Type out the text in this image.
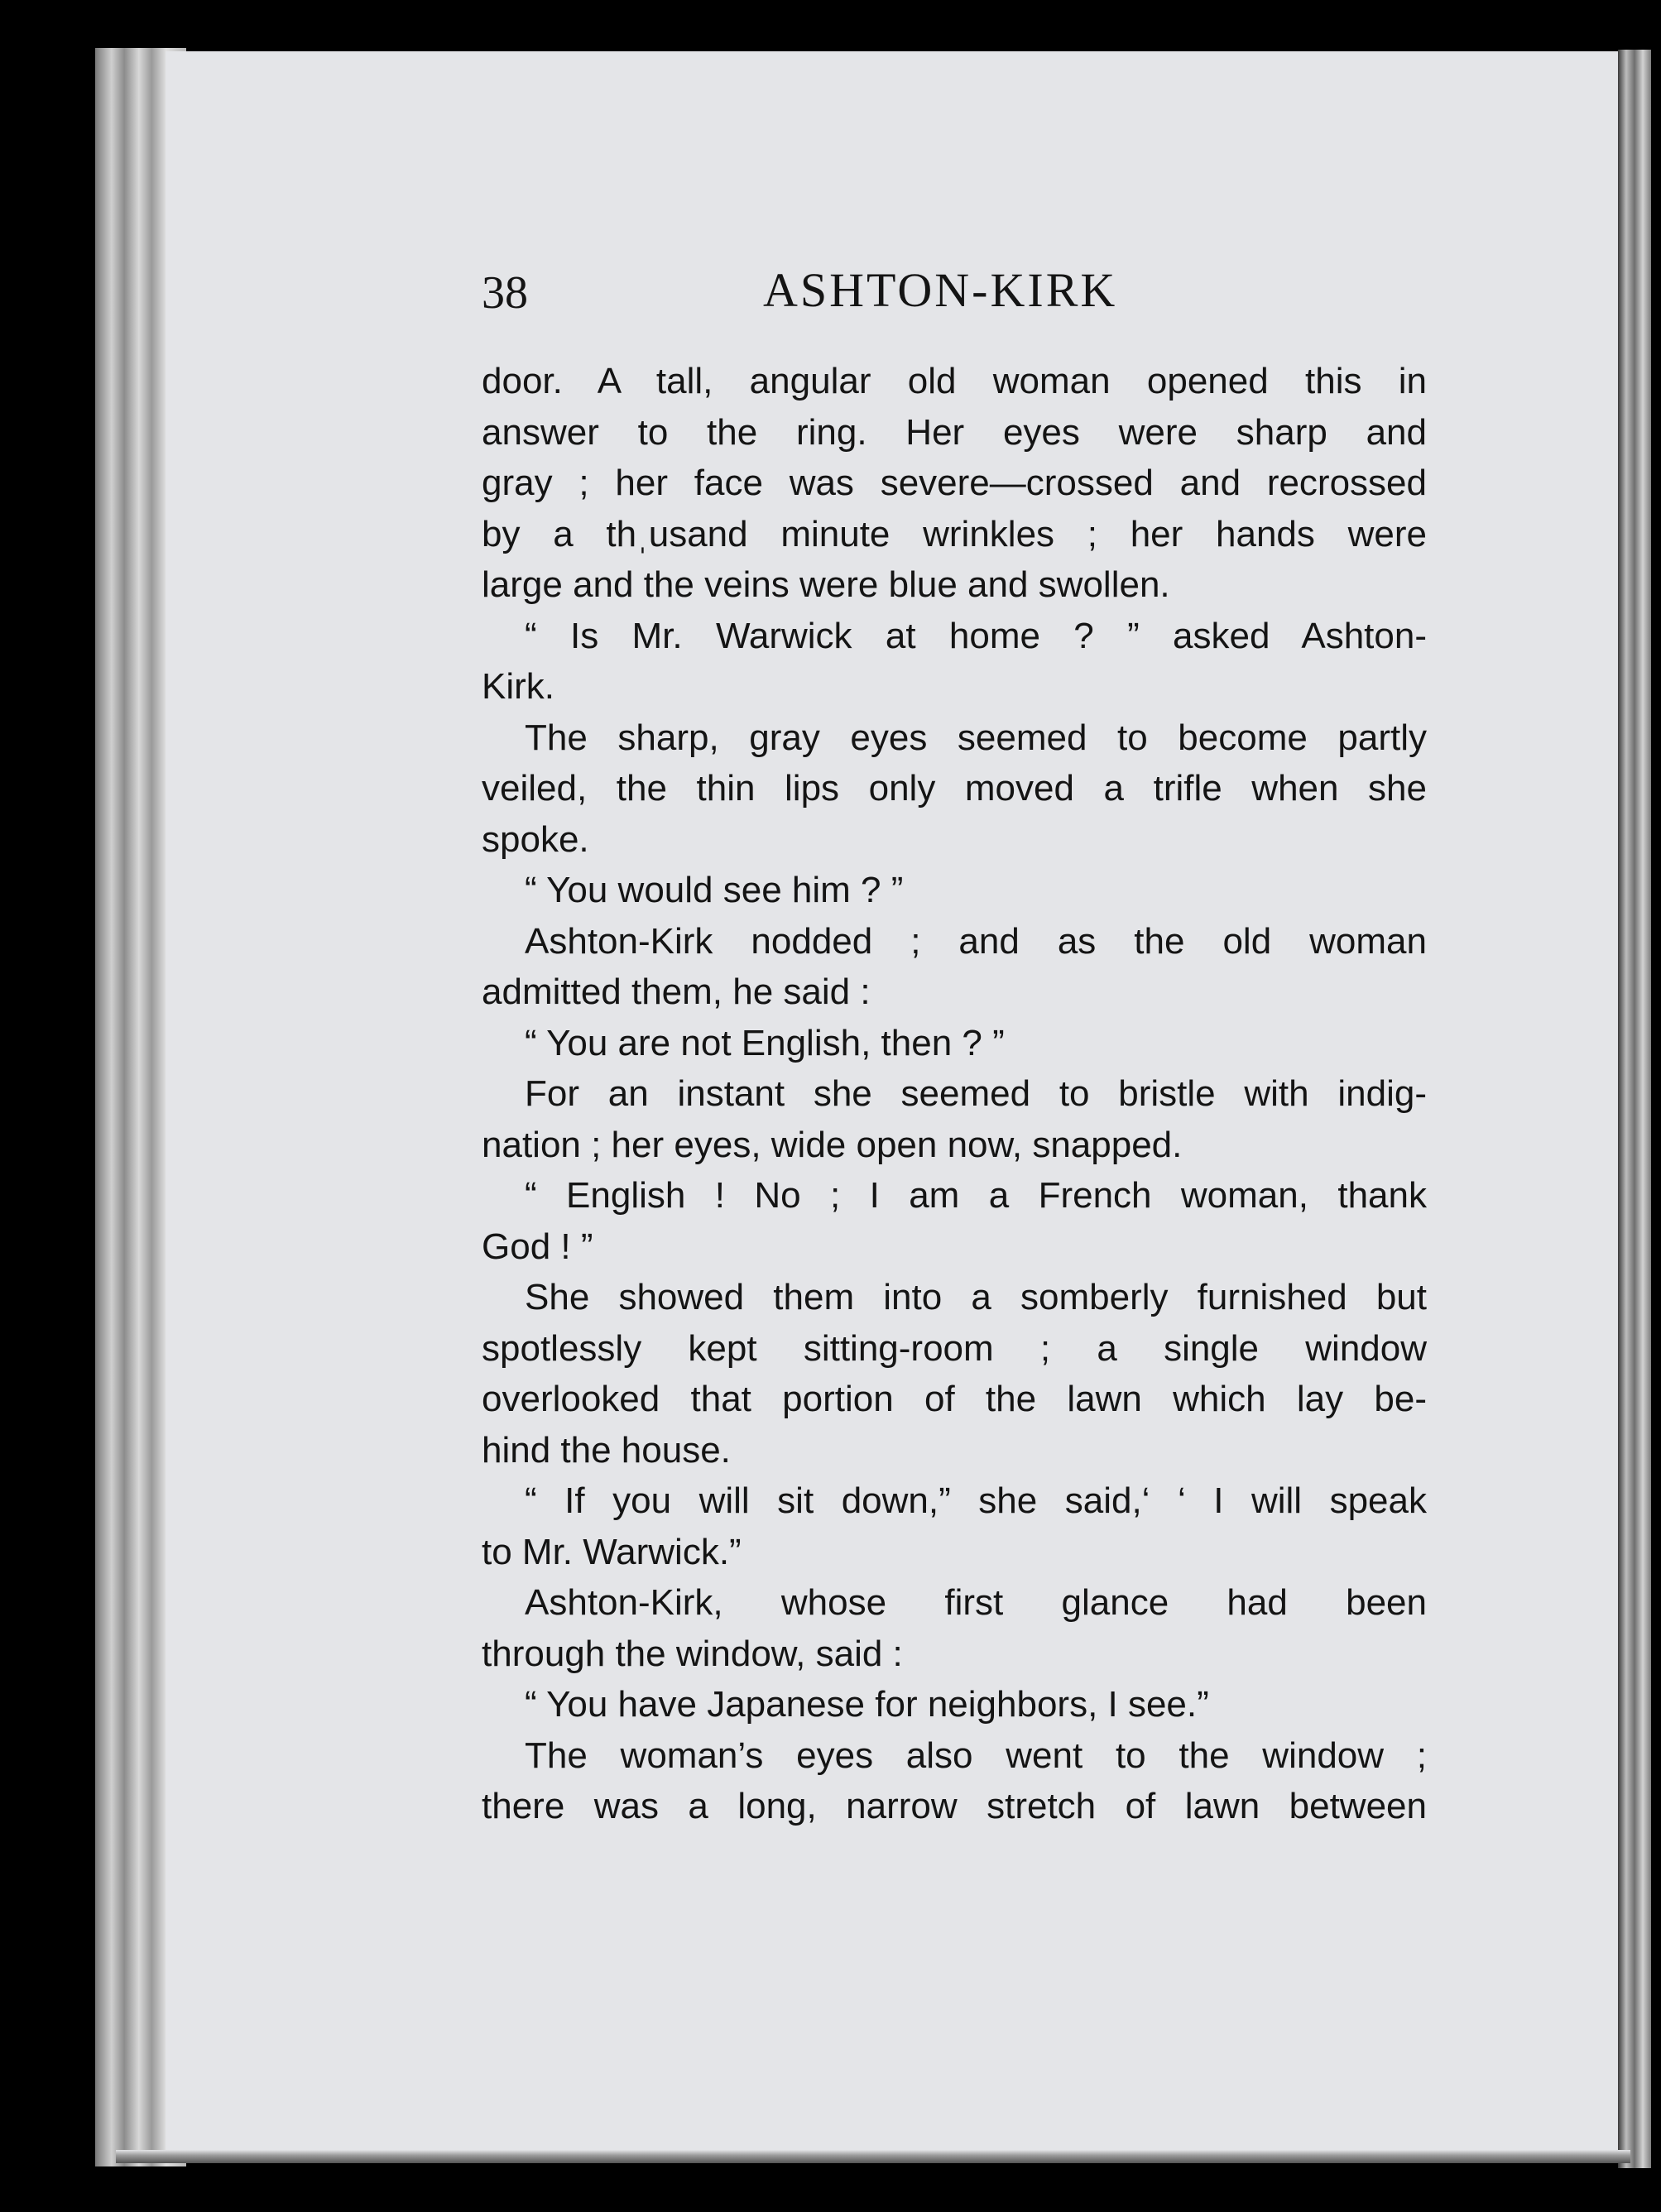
38	ASHTON-KIRK
door. A tall, angular old woman opened this in
answer to the ring. Her eyes were sharp and
gray ; her face was severe—crossed and recrossed
by a thˌusand minute wrinkles ; her hands were
large and the veins were blue and swollen.
“ Is Mr. Warwick at home ? ” asked Ashton-
Kirk.
The sharp, gray eyes seemed to become partly
veiled, the thin lips only moved a trifle when she
spoke.
“ You would see him ? ”
Ashton-Kirk nodded ; and as the old woman
admitted them, he said :
“ You are not English, then ? ”
For an instant she seemed to bristle with indig-
nation ; her eyes, wide open now, snapped.
“ English ! No ; I am a French woman, thank
God ! ”
She showed them into a somberly furnished but
spotlessly kept sitting-room ; a single window
overlooked that portion of the lawn which lay be-
hind the house.
“ If you will sit down,” she said,‘ ‘ I will speak
to Mr. Warwick.”
Ashton-Kirk, whose first glance had been
through the window, said :
“ You have Japanese for neighbors, I see.”
The woman’s eyes also went to the window ;
there was a long, narrow stretch of lawn between
